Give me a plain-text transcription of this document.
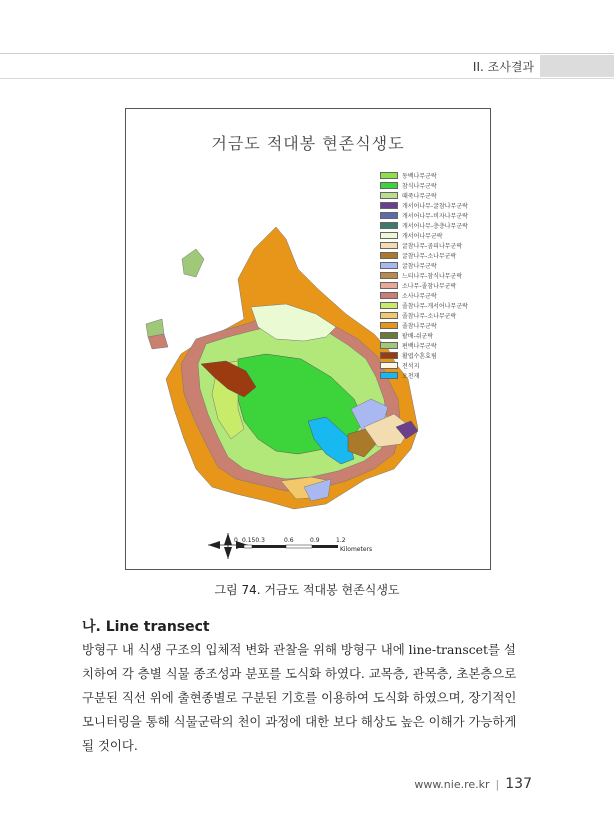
II. 조사결과
거금도 적대봉 현존식생도
동백나무군락
참식나무군락
때죽나무군락
개서어나무-굴참나무군락
개서어나무-비자나무군락
개서어나무-층층나무군락
개서어나무군락
굴참나무-곰피나무군락
굴참나무-소나무군락
굴참나무군락
느티나무-참식나무군락
소나무-졸참나무군락
소사나무군락
졸참나무-개서어나무군락
졸참나무-소나무군락
졸참나무군락
팥배-쉬군락
편백나무군락
활엽수혼효림
전석지
오천재
0 0.150.3	0.6	0.9	1.2
Kilometers
그림 74. 거금도 적대봉 현존식생도
나. Line transect
방형구 내 식생 구조의 입체적 변화 관찰을 위해 방형구 내에 line-transcet를 설
치하여 각 층별 식물 종조성과 분포를 도식화 하였다. 교목층, 관목층, 초본층으로
구분된 직선 위에 출현종별로 구분된 기호를 이용하여 도식화 하였으며, 장기적인
모니터링을 통해 식물군락의 천이 과정에 대한 보다 해상도 높은 이해가 가능하게
될 것이다.
www.nie.re.kr | 137
